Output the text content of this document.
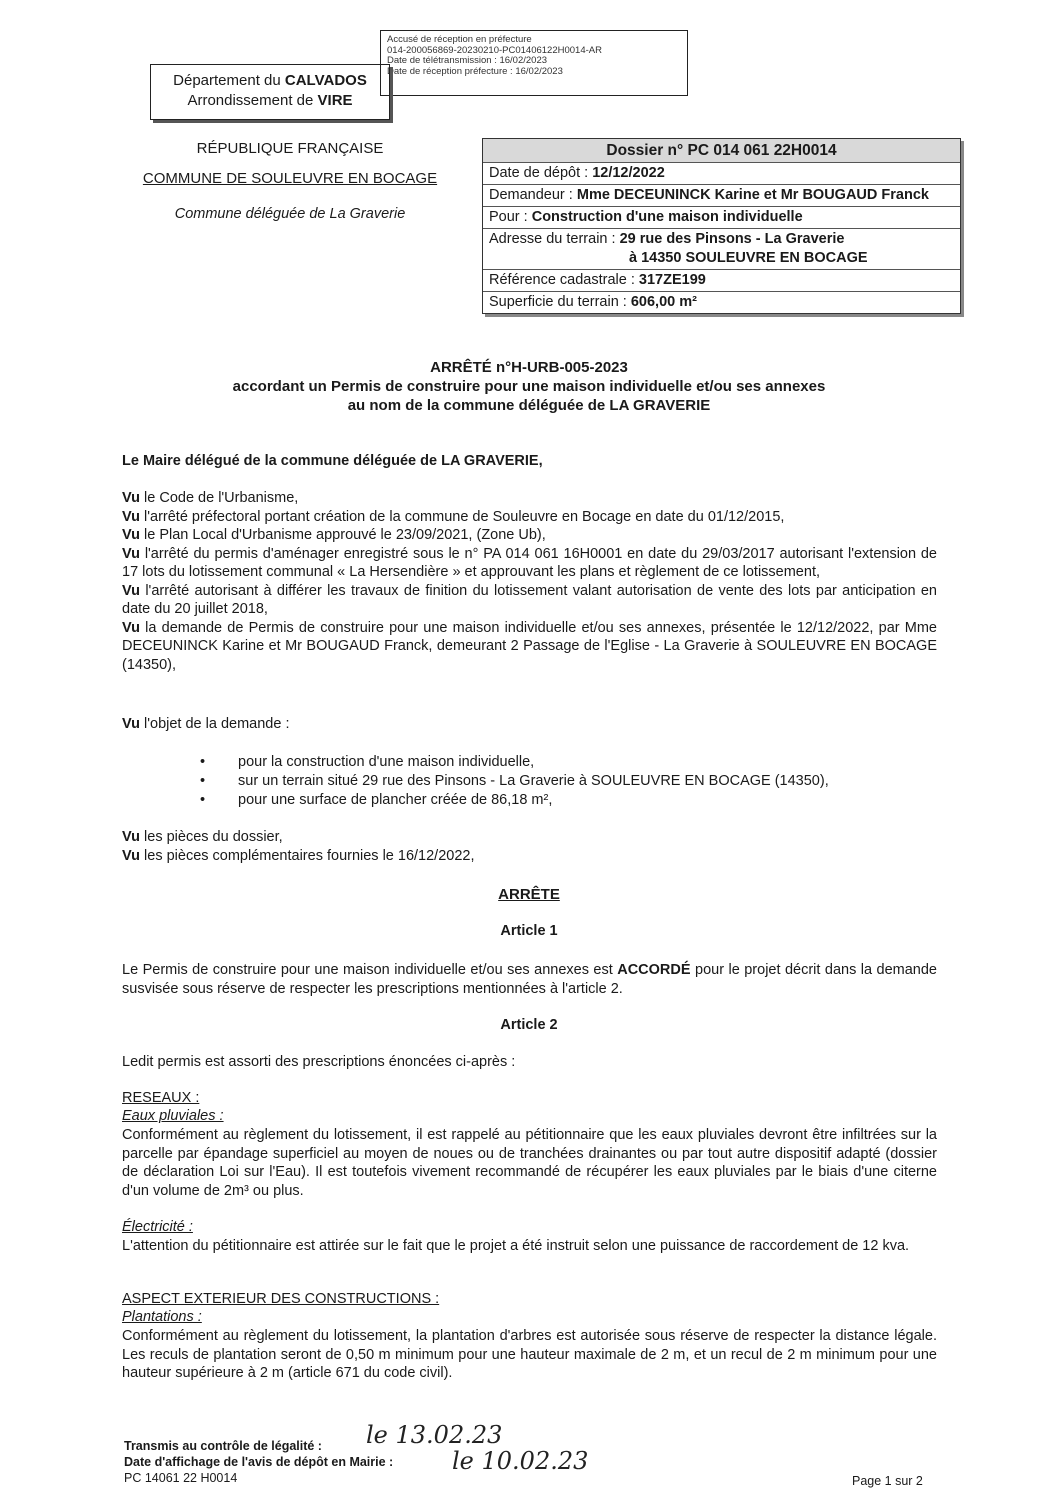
Accusé de réception en préfecture
014-200056869-20230210-PC01406122H0014-AR
Date de télétransmission : 16/02/2023
Date de réception préfecture : 16/02/2023
Département du CALVADOS
Arrondissement de VIRE
RÉPUBLIQUE FRANÇAISE
COMMUNE DE SOULEUVRE EN BOCAGE
Commune déléguée de La Graverie
Dossier n° PC 014 061 22H0014
Date de dépôt : 12/12/2022
Demandeur : Mme DECEUNINCK Karine et Mr BOUGAUD Franck
Pour : Construction d'une maison individuelle
Adresse du terrain : 29 rue des Pinsons - La Graverie
à 14350 SOULEUVRE EN BOCAGE
Référence cadastrale : 317ZE199
Superficie du terrain : 606,00 m²
ARRÊTÉ n°H-URB-005-2023
accordant un Permis de construire pour une maison individuelle et/ou ses annexes
au nom de la commune déléguée de LA GRAVERIE
Le Maire délégué de la commune déléguée de LA GRAVERIE,
Vu le Code de l'Urbanisme,
Vu l'arrêté préfectoral portant création de la commune de Souleuvre en Bocage en date du 01/12/2015,
Vu le Plan Local d'Urbanisme approuvé le 23/09/2021, (Zone Ub),
Vu l'arrêté du permis d'aménager enregistré sous le n° PA 014 061 16H0001 en date du 29/03/2017 autorisant l'extension de 17 lots du lotissement communal « La Hersendière » et approuvant les plans et règlement de ce lotissement,
Vu l'arrêté autorisant à différer les travaux de finition du lotissement valant autorisation de vente des lots par anticipation en date du 20 juillet 2018,
Vu la demande de Permis de construire pour une maison individuelle et/ou ses annexes, présentée le 12/12/2022, par Mme DECEUNINCK Karine et Mr BOUGAUD Franck, demeurant 2 Passage de l'Eglise - La Graverie à SOULEUVRE EN BOCAGE (14350),
Vu l'objet de la demande :
• pour la construction d'une maison individuelle,
• sur un terrain situé 29 rue des Pinsons - La Graverie à SOULEUVRE EN BOCAGE (14350),
• pour une surface de plancher créée de 86,18 m²,
Vu les pièces du dossier,
Vu les pièces complémentaires fournies le 16/12/2022,
ARRÊTE
Article 1
Le Permis de construire pour une maison individuelle et/ou ses annexes est ACCORDÉ pour le projet décrit dans la demande susvisée sous réserve de respecter les prescriptions mentionnées à l'article 2.
Article 2
Ledit permis est assorti des prescriptions énoncées ci-après :
RESEAUX :
Eaux pluviales :
Conformément au règlement du lotissement, il est rappelé au pétitionnaire que les eaux pluviales devront être infiltrées sur la parcelle par épandage superficiel au moyen de noues ou de tranchées drainantes ou par tout autre dispositif adapté (dossier de déclaration Loi sur l'Eau). Il est toutefois vivement recommandé de récupérer les eaux pluviales par le biais d'une citerne d'un volume de 2m³ ou plus.
Électricité :
L'attention du pétitionnaire est attirée sur le fait que le projet a été instruit selon une puissance de raccordement de 12 kva.
ASPECT EXTERIEUR DES CONSTRUCTIONS :
Plantations :
Conformément au règlement du lotissement, la plantation d'arbres est autorisée sous réserve de respecter la distance légale. Les reculs de plantation seront de 0,50 m minimum pour une hauteur maximale de 2 m, et un recul de 2 m minimum pour une hauteur supérieure à 2 m (article 671 du code civil).
Transmis au contrôle de légalité : le 13.02.23
Date d'affichage de l'avis de dépôt en Mairie : le 10.02.23
PC 14061 22 H0014	Page 1 sur 2
